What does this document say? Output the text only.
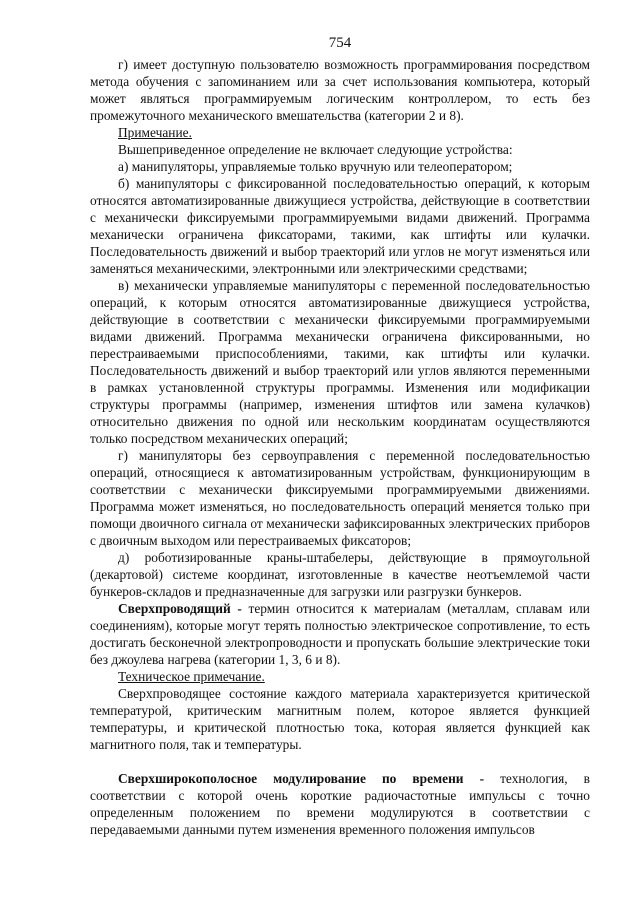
754

г) имеет доступную пользователю возможность программирования посредством метода обучения с запоминанием или за счет использования компьютера, который может являться программируемым логическим контроллером, то есть без промежуточного механического вмешательства (категории 2 и 8).

Примечание.

Вышеприведенное определение не включает следующие устройства:

а) манипуляторы, управляемые только вручную или телеоператором;

б) манипуляторы с фиксированной последовательностью операций, к которым относятся автоматизированные движущиеся устройства, действующие в соответствии с механически фиксируемыми программируемыми видами движений. Программа механически ограничена фиксаторами, такими, как штифты или кулачки. Последовательность движений и выбор траекторий или углов не могут изменяться или заменяться механическими, электронными или электрическими средствами;

в) механически управляемые манипуляторы с переменной последовательностью операций, к которым относятся автоматизированные движущиеся устройства, действующие в соответствии с механически фиксируемыми программируемыми видами движений. Программа механически ограничена фиксированными, но перестраиваемыми приспособлениями, такими, как штифты или кулачки. Последовательность движений и выбор траекторий или углов являются переменными в рамках установленной структуры программы. Изменения или модификации структуры программы (например, изменения штифтов или замена кулачков) относительно движения по одной или нескольким координатам осуществляются только посредством механических операций;

г) манипуляторы без сервоуправления с переменной последовательностью операций, относящиеся к автоматизированным устройствам, функционирующим в соответствии с механически фиксируемыми программируемыми движениями. Программа может изменяться, но последовательность операций меняется только при помощи двоичного сигнала от механически зафиксированных электрических приборов с двоичным выходом или перестраиваемых фиксаторов;

д) роботизированные краны-штабелеры, действующие в прямоугольной (декартовой) системе координат, изготовленные в качестве неотъемлемой части бункеров-складов и предназначенные для загрузки или разгрузки бункеров.

Сверхпроводящий - термин относится к материалам (металлам, сплавам или соединениям), которые могут терять полностью электрическое сопротивление, то есть достигать бесконечной электропроводности и пропускать большие электрические токи без джоулева нагрева (категории 1, 3, 6 и 8).

Техническое примечание.

Сверхпроводящее состояние каждого материала характеризуется критической температурой, критическим магнитным полем, которое является функцией температуры, и критической плотностью тока, которая является функцией как магнитного поля, так и температуры.

Сверхширокополосное модулирование по времени - технология, в соответствии с которой очень короткие радиочастотные импульсы с точно определенным положением по времени модулируются в соответствии с передаваемыми данными путем изменения временного положения импульсов
